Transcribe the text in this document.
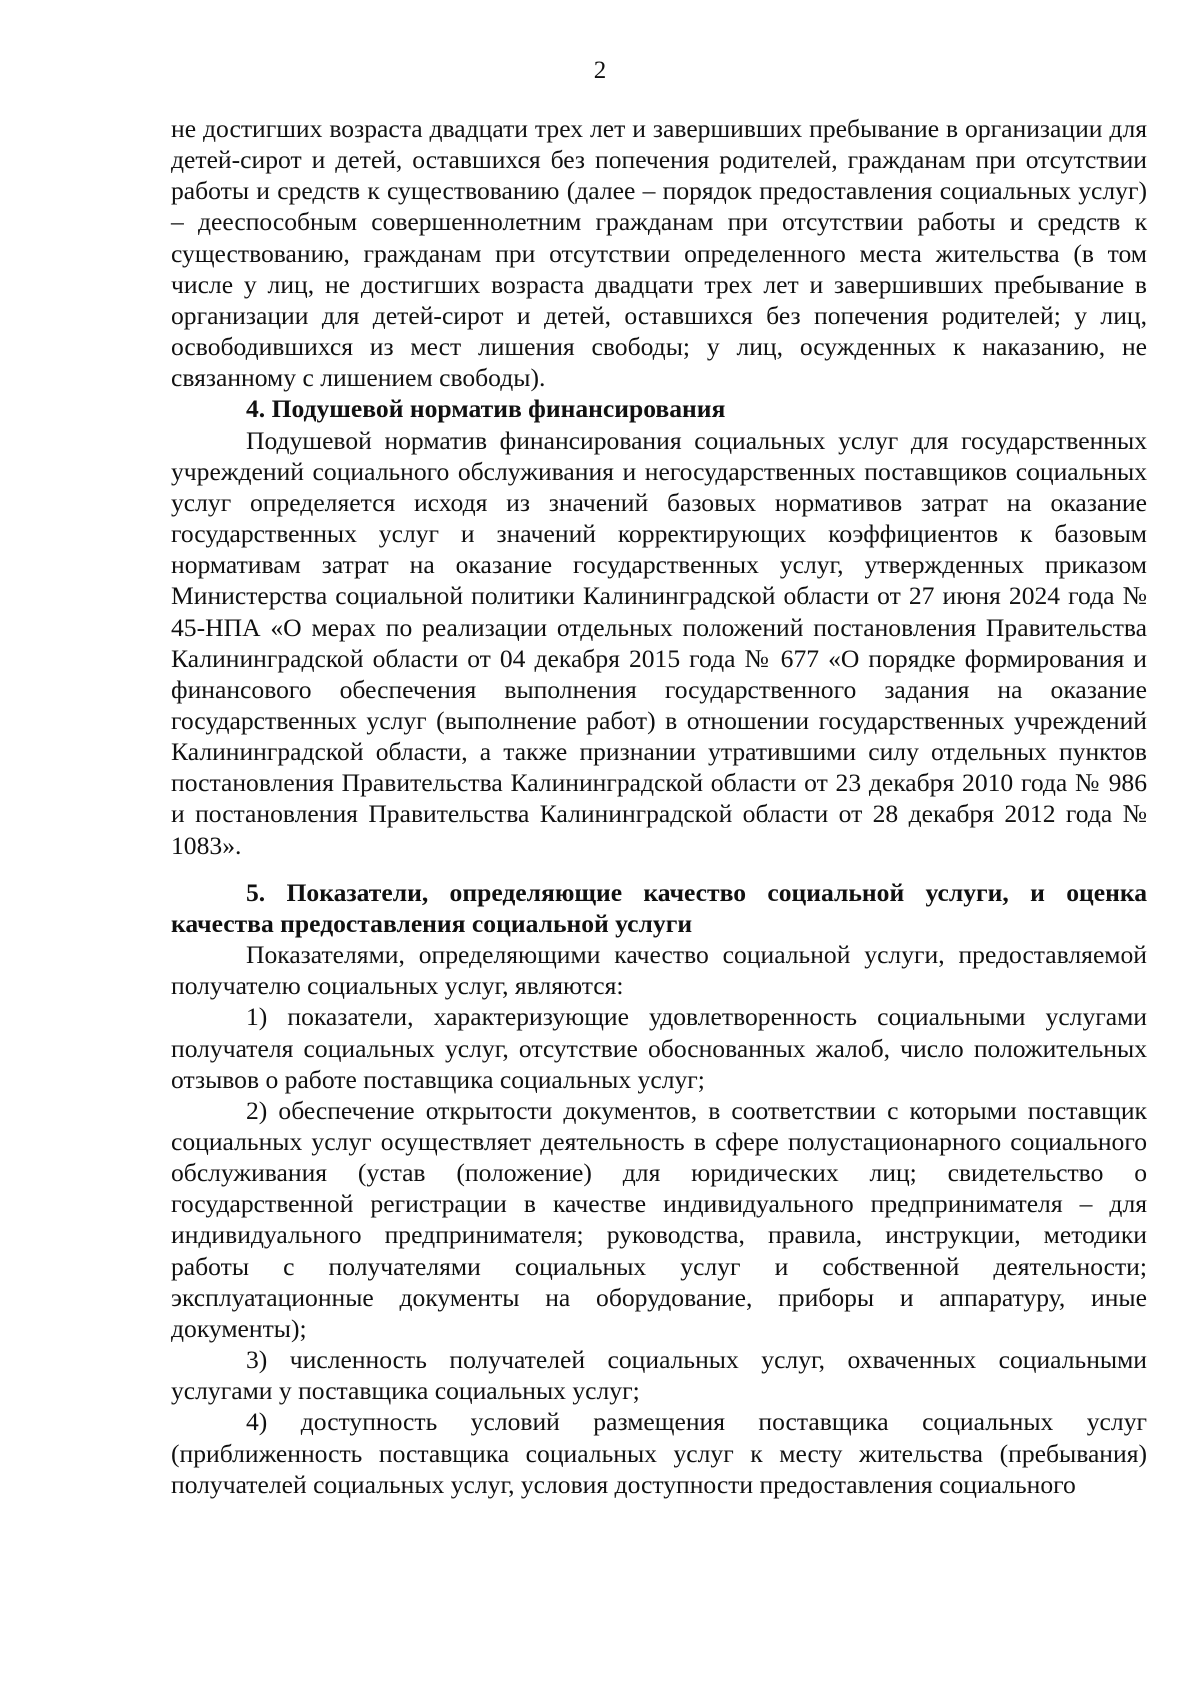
2

не достигших возраста двадцати трех лет и завершивших пребывание в организации для детей-сирот и детей, оставшихся без попечения родителей, гражданам при отсутствии работы и средств к существованию (далее – порядок предоставления социальных услуг) – дееспособным совершеннолетним гражданам при отсутствии работы и средств к существованию, гражданам при отсутствии определенного места жительства (в том числе у лиц, не достигших возраста двадцати трех лет и завершивших пребывание в организации для детей-сирот и детей, оставшихся без попечения родителей; у лиц, освободившихся из мест лишения свободы; у лиц, осужденных к наказанию, не связанному с лишением свободы).

4. Подушевой норматив финансирования

Подушевой норматив финансирования социальных услуг для государственных учреждений социального обслуживания и негосударственных поставщиков социальных услуг определяется исходя из значений базовых нормативов затрат на оказание государственных услуг и значений корректирующих коэффициентов к базовым нормативам затрат на оказание государственных услуг, утвержденных приказом Министерства социальной политики Калининградской области от 27 июня 2024 года № 45-НПА «О мерах по реализации отдельных положений постановления Правительства Калининградской области от 04 декабря 2015 года № 677 «О порядке формирования и финансового обеспечения выполнения государственного задания на оказание государственных услуг (выполнение работ) в отношении государственных учреждений Калининградской области, а также признании утратившими силу отдельных пунктов постановления Правительства Калининградской области от 23 декабря 2010 года № 986 и постановления Правительства Калининградской области от 28 декабря 2012 года № 1083».

5. Показатели, определяющие качество социальной услуги, и оценка качества предоставления социальной услуги

Показателями, определяющими качество социальной услуги, предоставляемой получателю социальных услуг, являются:

1) показатели, характеризующие удовлетворенность социальными услугами получателя социальных услуг, отсутствие обоснованных жалоб, число положительных отзывов о работе поставщика социальных услуг;

2) обеспечение открытости документов, в соответствии с которыми поставщик социальных услуг осуществляет деятельность в сфере полустационарного социального обслуживания (устав (положение) для юридических лиц; свидетельство о государственной регистрации в качестве индивидуального предпринимателя – для индивидуального предпринимателя; руководства, правила, инструкции, методики работы с получателями социальных услуг и собственной деятельности; эксплуатационные документы на оборудование, приборы и аппаратуру, иные документы);

3) численность получателей социальных услуг, охваченных социальными услугами у поставщика социальных услуг;

4) доступность условий размещения поставщика социальных услуг (приближенность поставщика социальных услуг к месту жительства (пребывания) получателей социальных услуг, условия доступности предоставления социального
